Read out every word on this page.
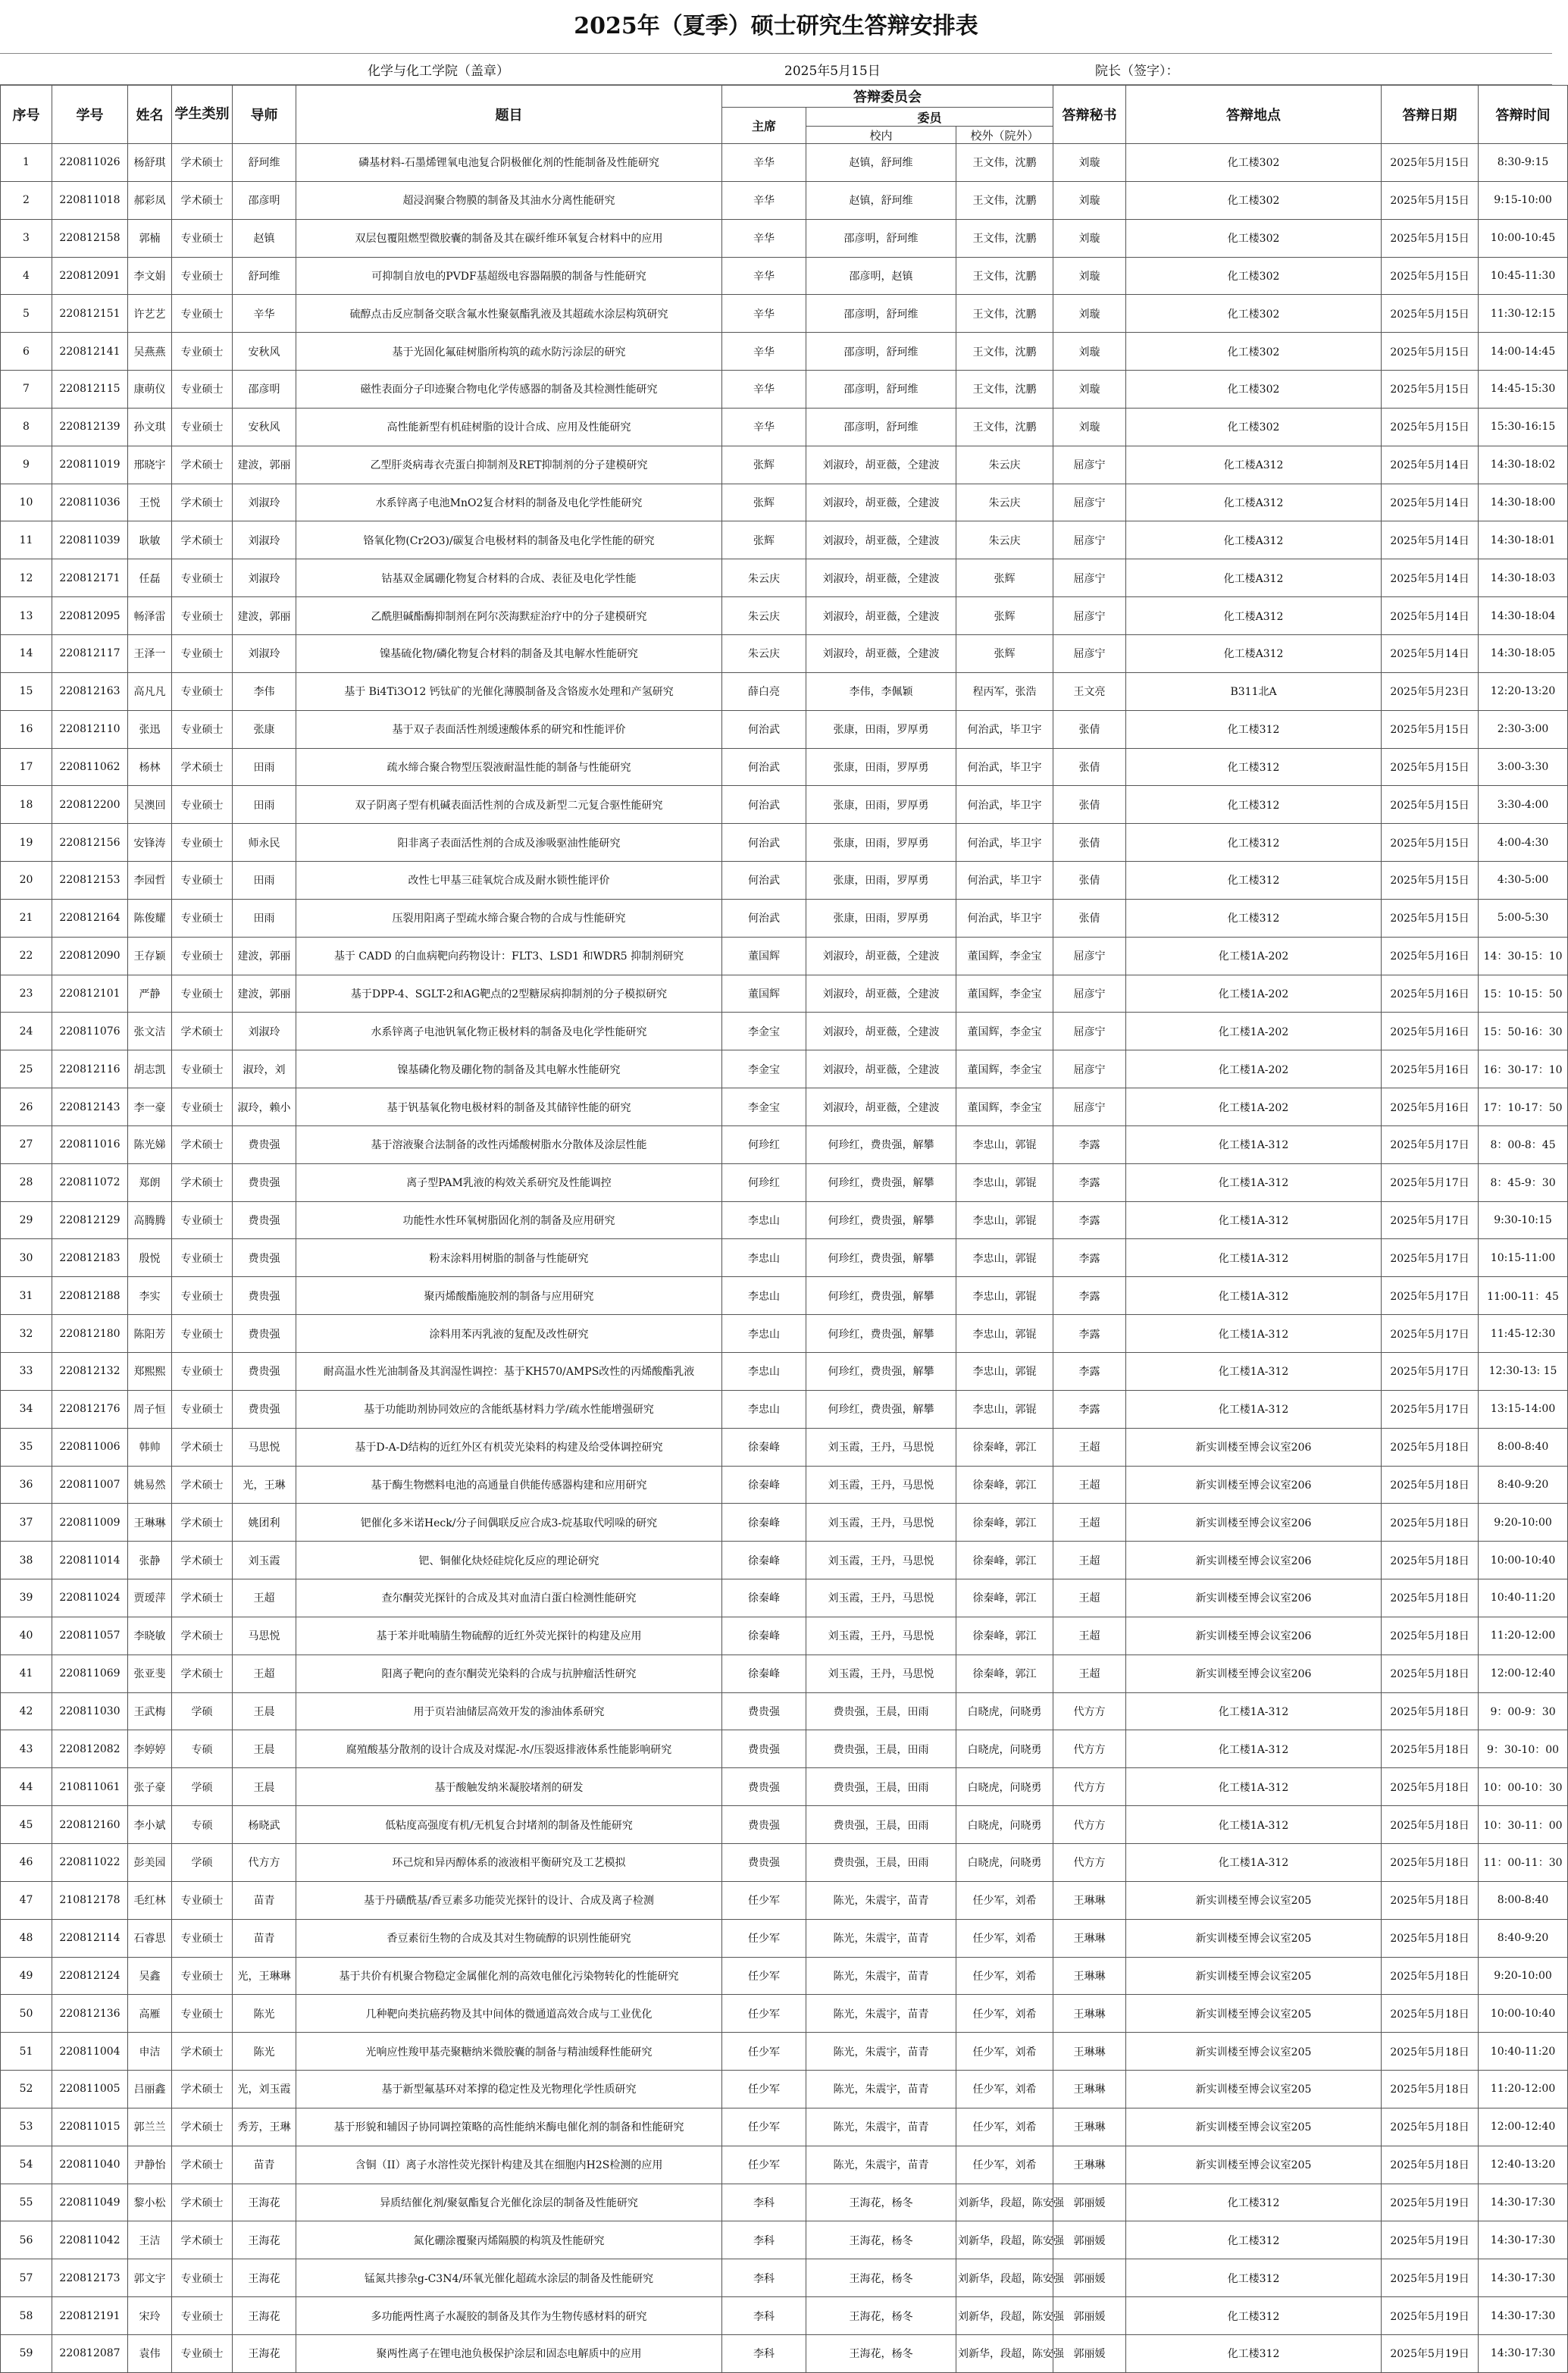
2025年（夏季）硕士研究生答辩安排表
化学与化工学院（盖章）	2025年5月15日	院长（签字）：
序号	学号	姓名	学生类别	导师	题目	答辩委员会			答辩秘书	答辩地点	答辩日期	答辩时间
						主席	委员					
							校内	校外（院外）				
1	220811026	杨舒琪	学术硕士	舒珂维	磷基材料-石墨烯锂氧电池复合阴极催化剂的性能制备及性能研究	辛华	赵镇，舒珂维	王文伟，沈鹏	刘璇	化工楼302	2025年5月15日	8:30-9:15
2	220811018	郝彩凤	学术硕士	邵彦明	超浸润聚合物膜的制备及其油水分离性能研究	辛华	赵镇，舒珂维	王文伟，沈鹏	刘璇	化工楼302	2025年5月15日	9:15-10:00
3	220812158	郭楠	专业硕士	赵镇	双层包覆阻燃型微胶囊的制备及其在碳纤维环氧复合材料中的应用	辛华	邵彦明，舒珂维	王文伟，沈鹏	刘璇	化工楼302	2025年5月15日	10:00-10:45
4	220812091	李文娟	专业硕士	舒珂维	可抑制自放电的PVDF基超级电容器隔膜的制备与性能研究	辛华	邵彦明，赵镇	王文伟，沈鹏	刘璇	化工楼302	2025年5月15日	10:45-11:30
5	220812151	许艺艺	专业硕士	辛华	硫醇点击反应制备交联含氟水性聚氨酯乳液及其超疏水涂层构筑研究	辛华	邵彦明，舒珂维	王文伟，沈鹏	刘璇	化工楼302	2025年5月15日	11:30-12:15
6	220812141	吴燕燕	专业硕士	安秋风	基于光固化氟硅树脂所构筑的疏水防污涂层的研究	辛华	邵彦明，舒珂维	王文伟，沈鹏	刘璇	化工楼302	2025年5月15日	14:00-14:45
7	220812115	康萌仪	专业硕士	邵彦明	磁性表面分子印迹聚合物电化学传感器的制备及其检测性能研究	辛华	邵彦明，舒珂维	王文伟，沈鹏	刘璇	化工楼302	2025年5月15日	14:45-15:30
8	220812139	孙文琪	专业硕士	安秋风	高性能新型有机硅树脂的设计合成、应用及性能研究	辛华	邵彦明，舒珂维	王文伟，沈鹏	刘璇	化工楼302	2025年5月15日	15:30-16:15
9	220811019	邢晓宇	学术硕士	建波，郭丽	乙型肝炎病毒衣壳蛋白抑制剂及RET抑制剂的分子建模研究	张辉	刘淑玲，胡亚薇，仝建波	朱云庆	屈彦宁	化工楼A312	2025年5月14日	14:30-18:02
10	220811036	王悦	学术硕士	刘淑玲	水系锌离子电池MnO2复合材料的制备及电化学性能研究	张辉	刘淑玲，胡亚薇，仝建波	朱云庆	屈彦宁	化工楼A312	2025年5月14日	14:30-18:00
11	220811039	耿敏	学术硕士	刘淑玲	铬氧化物(Cr2O3)/碳复合电极材料的制备及电化学性能的研究	张辉	刘淑玲，胡亚薇，仝建波	朱云庆	屈彦宁	化工楼A312	2025年5月14日	14:30-18:01
12	220812171	任磊	专业硕士	刘淑玲	钴基双金属硼化物复合材料的合成、表征及电化学性能	朱云庆	刘淑玲，胡亚薇，仝建波	张辉	屈彦宁	化工楼A312	2025年5月14日	14:30-18:03
13	220812095	畅泽雷	专业硕士	建波，郭丽	乙酰胆碱酯酶抑制剂在阿尔茨海默症治疗中的分子建模研究	朱云庆	刘淑玲，胡亚薇，仝建波	张辉	屈彦宁	化工楼A312	2025年5月14日	14:30-18:04
14	220812117	王泽一	专业硕士	刘淑玲	镍基硫化物/磷化物复合材料的制备及其电解水性能研究	朱云庆	刘淑玲，胡亚薇，仝建波	张辉	屈彦宁	化工楼A312	2025年5月14日	14:30-18:05
15	220812163	高凡凡	专业硕士	李伟	基于 Bi4Ti3O12 钙钛矿的光催化薄膜制备及含铬废水处理和产氢研究	薛白亮	李伟，李佩颖	程丙军，张浩	王文亮	B311北A	2025年5月23日	12:20-13:20
16	220812110	张迅	专业硕士	张康	基于双子表面活性剂缓速酸体系的研究和性能评价	何治武	张康，田雨，罗厚勇	何治武，毕卫宇	张倩	化工楼312	2025年5月15日	2:30-3:00
17	220811062	杨林	学术硕士	田雨	疏水缔合聚合物型压裂液耐温性能的制备与性能研究	何治武	张康，田雨，罗厚勇	何治武，毕卫宇	张倩	化工楼312	2025年5月15日	3:00-3:30
18	220812200	吴澳回	专业硕士	田雨	双子阴离子型有机碱表面活性剂的合成及新型二元复合驱性能研究	何治武	张康，田雨，罗厚勇	何治武，毕卫宇	张倩	化工楼312	2025年5月15日	3:30-4:00
19	220812156	安锋涛	专业硕士	师永民	阳非离子表面活性剂的合成及渗吸驱油性能研究	何治武	张康，田雨，罗厚勇	何治武，毕卫宇	张倩	化工楼312	2025年5月15日	4:00-4:30
20	220812153	李园哲	专业硕士	田雨	改性七甲基三硅氧烷合成及耐水锁性能评价	何治武	张康，田雨，罗厚勇	何治武，毕卫宇	张倩	化工楼312	2025年5月15日	4:30-5:00
21	220812164	陈俊耀	专业硕士	田雨	压裂用阳离子型疏水缔合聚合物的合成与性能研究	何治武	张康，田雨，罗厚勇	何治武，毕卫宇	张倩	化工楼312	2025年5月15日	5:00-5:30
22	220812090	王存颖	专业硕士	建波，郭丽	基于 CADD 的白血病靶向药物设计：FLT3、LSD1 和WDR5 抑制剂研究	董国辉	刘淑玲，胡亚薇，仝建波	董国辉，李金宝	屈彦宁	化工楼1A-202	2025年5月16日	14：30-15：10
23	220812101	严静	专业硕士	建波，郭丽	基于DPP-4、SGLT-2和AG靶点的2型糖尿病抑制剂的分子模拟研究	董国辉	刘淑玲，胡亚薇，仝建波	董国辉，李金宝	屈彦宁	化工楼1A-202	2025年5月16日	15：10-15：50
24	220811076	张文洁	学术硕士	刘淑玲	水系锌离子电池钒氧化物正极材料的制备及电化学性能研究	李金宝	刘淑玲，胡亚薇，仝建波	董国辉，李金宝	屈彦宁	化工楼1A-202	2025年5月16日	15：50-16：30
25	220812116	胡志凯	专业硕士	淑玲，刘	镍基磷化物及硼化物的制备及其电解水性能研究	李金宝	刘淑玲，胡亚薇，仝建波	董国辉，李金宝	屈彦宁	化工楼1A-202	2025年5月16日	16：30-17：10
26	220812143	李一豪	专业硕士	淑玲，赖小	基于钒基氧化物电极材料的制备及其储锌性能的研究	李金宝	刘淑玲，胡亚薇，仝建波	董国辉，李金宝	屈彦宁	化工楼1A-202	2025年5月16日	17：10-17：50
27	220811016	陈光娣	学术硕士	费贵强	基于溶液聚合法制备的改性丙烯酸树脂水分散体及涂层性能	何珍红	何珍红，费贵强，解攀	李忠山，郭锟	李露	化工楼1A-312	2025年5月17日	8：00-8：45
28	220811072	郑朗	学术硕士	费贵强	离子型PAM乳液的构效关系研究及性能调控	何珍红	何珍红，费贵强，解攀	李忠山，郭锟	李露	化工楼1A-312	2025年5月17日	8：45-9：30
29	220812129	高腾腾	专业硕士	费贵强	功能性水性环氧树脂固化剂的制备及应用研究	李忠山	何珍红，费贵强，解攀	李忠山，郭锟	李露	化工楼1A-312	2025年5月17日	9:30-10:15
30	220812183	殷悦	专业硕士	费贵强	粉末涂料用树脂的制备与性能研究	李忠山	何珍红，费贵强，解攀	李忠山，郭锟	李露	化工楼1A-312	2025年5月17日	10:15-11:00
31	220812188	李实	专业硕士	费贵强	聚丙烯酸酯施胶剂的制备与应用研究	李忠山	何珍红，费贵强，解攀	李忠山，郭锟	李露	化工楼1A-312	2025年5月17日	11:00-11：45
32	220812180	陈阳芳	专业硕士	费贵强	涂料用苯丙乳液的复配及改性研究	李忠山	何珍红，费贵强，解攀	李忠山，郭锟	李露	化工楼1A-312	2025年5月17日	11:45-12:30
33	220812132	郑熙熙	专业硕士	费贵强	耐高温水性光油制备及其润湿性调控：基于KH570/AMPS改性的丙烯酸酯乳液	李忠山	何珍红，费贵强，解攀	李忠山，郭锟	李露	化工楼1A-312	2025年5月17日	12:30-13: 15
34	220812176	周子恒	专业硕士	费贵强	基于功能助剂协同效应的含能纸基材料力学/疏水性能增强研究	李忠山	何珍红，费贵强，解攀	李忠山，郭锟	李露	化工楼1A-312	2025年5月17日	13:15-14:00
35	220811006	韩帅	学术硕士	马思悦	基于D-A-D结构的近红外区有机荧光染料的构建及给受体调控研究	徐秦峰	刘玉霞，王丹，马思悦	徐秦峰，郭江	王超	新实训楼至博会议室206	2025年5月18日	8:00-8:40
36	220811007	姚易然	学术硕士	光，王琳	基于酶生物燃料电池的高通量自供能传感器构建和应用研究	徐秦峰	刘玉霞，王丹，马思悦	徐秦峰，郭江	王超	新实训楼至博会议室206	2025年5月18日	8:40-9:20
37	220811009	王琳琳	学术硕士	姚团利	钯催化多米诺Heck/分子间偶联反应合成3-烷基取代吲哚的研究	徐秦峰	刘玉霞，王丹，马思悦	徐秦峰，郭江	王超	新实训楼至博会议室206	2025年5月18日	9:20-10:00
38	220811014	张静	学术硕士	刘玉霞	钯、铜催化炔烃硅烷化反应的理论研究	徐秦峰	刘玉霞，王丹，马思悦	徐秦峰，郭江	王超	新实训楼至博会议室206	2025年5月18日	10:00-10:40
39	220811024	贾瑷萍	学术硕士	王超	查尔酮荧光探针的合成及其对血清白蛋白检测性能研究	徐秦峰	刘玉霞，王丹，马思悦	徐秦峰，郭江	王超	新实训楼至博会议室206	2025年5月18日	10:40-11:20
40	220811057	李晓敏	学术硕士	马思悦	基于苯并吡喃腈生物硫醇的近红外荧光探针的构建及应用	徐秦峰	刘玉霞，王丹，马思悦	徐秦峰，郭江	王超	新实训楼至博会议室206	2025年5月18日	11:20-12:00
41	220811069	张亚斐	学术硕士	王超	阳离子靶向的查尔酮荧光染料的合成与抗肿瘤活性研究	徐秦峰	刘玉霞，王丹，马思悦	徐秦峰，郭江	王超	新实训楼至博会议室206	2025年5月18日	12:00-12:40
42	220811030	王武梅	学硕	王晨	用于页岩油储层高效开发的渗油体系研究	费贵强	费贵强，王晨，田雨	白晓虎，问晓勇	代方方	化工楼1A-312	2025年5月18日	9：00-9：30
43	220812082	李婷婷	专硕	王晨	腐殖酸基分散剂的设计合成及对煤泥-水/压裂返排液体系性能影响研究	费贵强	费贵强，王晨，田雨	白晓虎，问晓勇	代方方	化工楼1A-312	2025年5月18日	9：30-10：00
44	210811061	张子豪	学硕	王晨	基于酸触发纳米凝胶堵剂的研发	费贵强	费贵强，王晨，田雨	白晓虎，问晓勇	代方方	化工楼1A-312	2025年5月18日	10：00-10：30
45	220812160	李小斌	专硕	杨晓武	低粘度高强度有机/无机复合封堵剂的制备及性能研究	费贵强	费贵强，王晨，田雨	白晓虎，问晓勇	代方方	化工楼1A-312	2025年5月18日	10：30-11：00
46	220811022	彭美园	学硕	代方方	环己烷和异丙醇体系的液液相平衡研究及工艺模拟	费贵强	费贵强，王晨，田雨	白晓虎，问晓勇	代方方	化工楼1A-312	2025年5月18日	11：00-11：30
47	210812178	毛红林	专业硕士	苗青	基于丹磺酰基/香豆素多功能荧光探针的设计、合成及离子检测	任少军	陈光，朱震宇，苗青	任少军，刘希	王琳琳	新实训楼至博会议室205	2025年5月18日	8:00-8:40
48	220812114	石睿思	专业硕士	苗青	香豆素衍生物的合成及其对生物硫醇的识别性能研究	任少军	陈光，朱震宇，苗青	任少军，刘希	王琳琳	新实训楼至博会议室205	2025年5月18日	8:40-9:20
49	220812124	吴鑫	专业硕士	光，王琳琳	基于共价有机聚合物稳定金属催化剂的高效电催化污染物转化的性能研究	任少军	陈光，朱震宇，苗青	任少军，刘希	王琳琳	新实训楼至博会议室205	2025年5月18日	9:20-10:00
50	220812136	高雁	专业硕士	陈光	几种靶向类抗癌药物及其中间体的微通道高效合成与工业优化	任少军	陈光，朱震宇，苗青	任少军，刘希	王琳琳	新实训楼至博会议室205	2025年5月18日	10:00-10:40
51	220811004	申洁	学术硕士	陈光	光响应性羧甲基壳聚糖纳米微胶囊的制备与精油缓释性能研究	任少军	陈光，朱震宇，苗青	任少军，刘希	王琳琳	新实训楼至博会议室205	2025年5月18日	10:40-11:20
52	220811005	吕丽鑫	学术硕士	光，刘玉霞	基于新型氟基环对苯撑的稳定性及光物理化学性质研究	任少军	陈光，朱震宇，苗青	任少军，刘希	王琳琳	新实训楼至博会议室205	2025年5月18日	11:20-12:00
53	220811015	郭兰兰	学术硕士	秀芳，王琳	基于形貌和辅因子协同调控策略的高性能纳米酶电催化剂的制备和性能研究	任少军	陈光，朱震宇，苗青	任少军，刘希	王琳琳	新实训楼至博会议室205	2025年5月18日	12:00-12:40
54	220811040	尹静怡	学术硕士	苗青	含铜（II）离子水溶性荧光探针构建及其在细胞内H2S检测的应用	任少军	陈光，朱震宇，苗青	任少军，刘希	王琳琳	新实训楼至博会议室205	2025年5月18日	12:40-13:20
55	220811049	黎小松	学术硕士	王海花	异质结催化剂/聚氨酯复合光催化涂层的制备及性能研究	李科	王海花，杨冬	刘新华，段超，陈安强	郭丽媛	化工楼312	2025年5月19日	14:30-17:30
56	220811042	王洁	学术硕士	王海花	氮化硼涂覆聚丙烯隔膜的构筑及性能研究	李科	王海花，杨冬	刘新华，段超，陈安强	郭丽媛	化工楼312	2025年5月19日	14:30-17:30
57	220812173	郭文宇	专业硕士	王海花	锰氮共掺杂g-C3N4/环氧光催化超疏水涂层的制备及性能研究	李科	王海花，杨冬	刘新华，段超，陈安强	郭丽媛	化工楼312	2025年5月19日	14:30-17:30
58	220812191	宋玲	专业硕士	王海花	多功能两性离子水凝胶的制备及其作为生物传感材料的研究	李科	王海花，杨冬	刘新华，段超，陈安强	郭丽媛	化工楼312	2025年5月19日	14:30-17:30
59	220812087	袁伟	专业硕士	王海花	聚两性离子在锂电池负极保护涂层和固态电解质中的应用	李科	王海花，杨冬	刘新华，段超，陈安强	郭丽媛	化工楼312	2025年5月19日	14:30-17:30
